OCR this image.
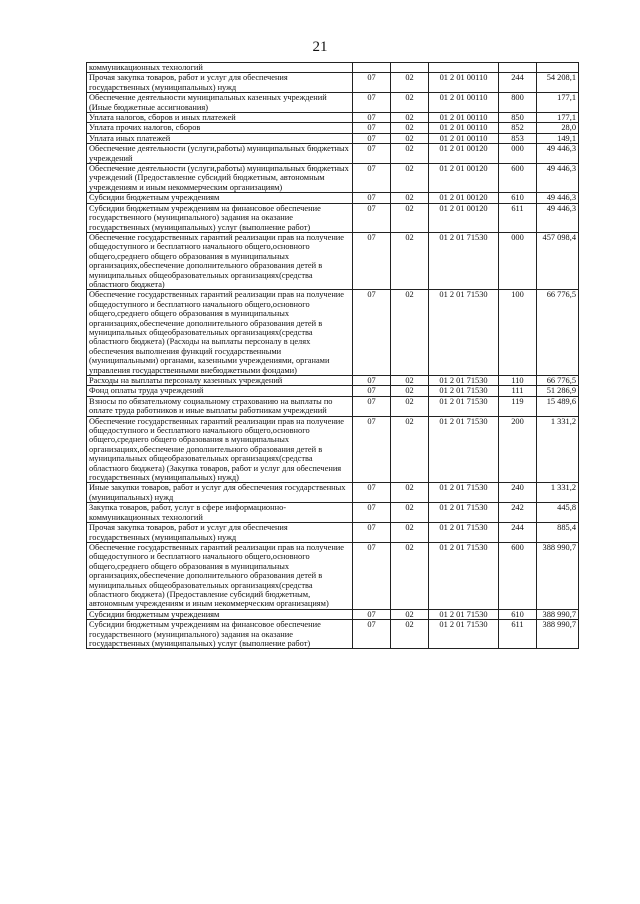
21
коммуникационных технологий					
Прочая закупка товаров, работ и услуг для обеспечения государственных (муниципальных) нужд	07	02	01 2 01 00110	244	54 208,1
Обеспечение деятельности муниципальных казенных учреждений (Иные бюджетные ассигнования)	07	02	01 2 01 00110	800	177,1
Уплата налогов, сборов и иных платежей	07	02	01 2 01 00110	850	177,1
Уплата прочих налогов, сборов	07	02	01 2 01 00110	852	28,0
Уплата иных платежей	07	02	01 2 01 00110	853	149,1
Обеспечение деятельности (услуги,работы) муниципальных бюджетных учреждений	07	02	01 2 01 00120	000	49 446,3
Обеспечение деятельности (услуги,работы) муниципальных бюджетных учреждений (Предоставление субсидий бюджетным, автономным учреждениям и иным некоммерческим организациям)	07	02	01 2 01 00120	600	49 446,3
Субсидии бюджетным учреждениям	07	02	01 2 01 00120	610	49 446,3
Субсидии бюджетным учреждениям на финансовое обеспечение государственного (муниципального) задания на оказание государственных (муниципальных) услуг (выполнение работ)	07	02	01 2 01 00120	611	49 446,3
Обеспечение государственных гарантий реализации прав на получение общедоступного и бесплатного начального общего,основного общего,среднего общего образования в муниципальных организациях,обеспечение дополнительного образования детей в муниципальных общеобразовательных организациях(средства областного бюджета)	07	02	01 2 01 71530	000	457 098,4
Обеспечение государственных гарантий реализации прав на получение общедоступного и бесплатного начального общего,основного общего,среднего общего образования в муниципальных организациях,обеспечение дополнительного образования детей в муниципальных общеобразовательных организациях(средства областного бюджета) (Расходы на выплаты персоналу в целях обеспечения выполнения функций государственными (муниципальными) органами, казенными учреждениями, органами управления государственными внебюджетными фондами)	07	02	01 2 01 71530	100	66 776,5
Расходы на выплаты персоналу казенных учреждений	07	02	01 2 01 71530	110	66 776,5
Фонд оплаты труда учреждений	07	02	01 2 01 71530	111	51 286,9
Взносы по обязательному социальному страхованию на выплаты по оплате труда работников и иные выплаты работникам учреждений	07	02	01 2 01 71530	119	15 489,6
Обеспечение государственных гарантий реализации прав на получение общедоступного и бесплатного начального общего,основного общего,среднего общего образования в муниципальных организациях,обеспечение дополнительного образования детей в муниципальных общеобразовательных организациях(средства областного бюджета) (Закупка товаров, работ и услуг для обеспечения государственных (муниципальных) нужд)	07	02	01 2 01 71530	200	1 331,2
Иные закупки товаров, работ и услуг для обеспечения государственных (муниципальных) нужд	07	02	01 2 01 71530	240	1 331,2
Закупка товаров, работ, услуг в сфере информационно-коммуникационных технологий	07	02	01 2 01 71530	242	445,8
Прочая закупка товаров, работ и услуг для обеспечения государственных (муниципальных) нужд	07	02	01 2 01 71530	244	885,4
Обеспечение государственных гарантий реализации прав на получение общедоступного и бесплатного начального общего,основного общего,среднего общего образования в муниципальных организациях,обеспечение дополнительного образования детей в муниципальных общеобразовательных организациях(средства областного бюджета) (Предоставление субсидий бюджетным, автономным учреждениям и иным некоммерческим организациям)	07	02	01 2 01 71530	600	388 990,7
Субсидии бюджетным учреждениям	07	02	01 2 01 71530	610	388 990,7
Субсидии бюджетным учреждениям на финансовое обеспечение государственного (муниципального) задания на оказание государственных (муниципальных) услуг (выполнение работ)	07	02	01 2 01 71530	611	388 990,7
